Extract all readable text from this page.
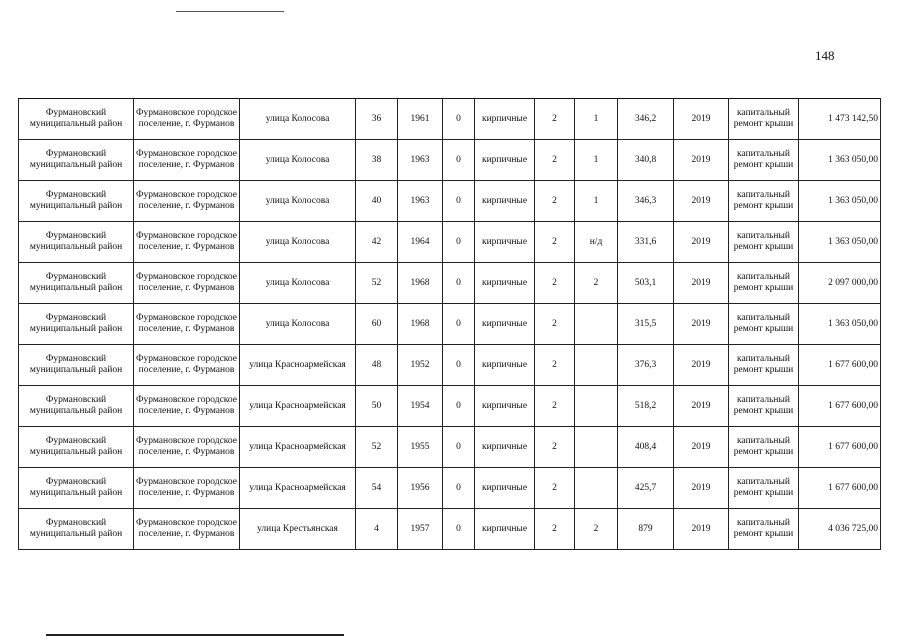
148
Фурмановский муниципальный район	Фурмановское городское поселение, г. Фурманов	улица Колосова	36	1961	0	кирпичные	2	1	346,2	2019	капитальный ремонт крыши	1 473 142,50
Фурмановский муниципальный район	Фурмановское городское поселение, г. Фурманов	улица Колосова	38	1963	0	кирпичные	2	1	340,8	2019	капитальный ремонт крыши	1 363 050,00
Фурмановский муниципальный район	Фурмановское городское поселение, г. Фурманов	улица Колосова	40	1963	0	кирпичные	2	1	346,3	2019	капитальный ремонт крыши	1 363 050,00
Фурмановский муниципальный район	Фурмановское городское поселение, г. Фурманов	улица Колосова	42	1964	0	кирпичные	2	н/д	331,6	2019	капитальный ремонт крыши	1 363 050,00
Фурмановский муниципальный район	Фурмановское городское поселение, г. Фурманов	улица Колосова	52	1968	0	кирпичные	2	2	503,1	2019	капитальный ремонт крыши	2 097 000,00
Фурмановский муниципальный район	Фурмановское городское поселение, г. Фурманов	улица Колосова	60	1968	0	кирпичные	2		315,5	2019	капитальный ремонт крыши	1 363 050,00
Фурмановский муниципальный район	Фурмановское городское поселение, г. Фурманов	улица Красноармейская	48	1952	0	кирпичные	2		376,3	2019	капитальный ремонт крыши	1 677 600,00
Фурмановский муниципальный район	Фурмановское городское поселение, г. Фурманов	улица Красноармейская	50	1954	0	кирпичные	2		518,2	2019	капитальный ремонт крыши	1 677 600,00
Фурмановский муниципальный район	Фурмановское городское поселение, г. Фурманов	улица Красноармейская	52	1955	0	кирпичные	2		408,4	2019	капитальный ремонт крыши	1 677 600,00
Фурмановский муниципальный район	Фурмановское городское поселение, г. Фурманов	улица Красноармейская	54	1956	0	кирпичные	2		425,7	2019	капитальный ремонт крыши	1 677 600,00
Фурмановский муниципальный район	Фурмановское городское поселение, г. Фурманов	улица Крестьянская	4	1957	0	кирпичные	2	2	879	2019	капитальный ремонт крыши	4 036 725,00
